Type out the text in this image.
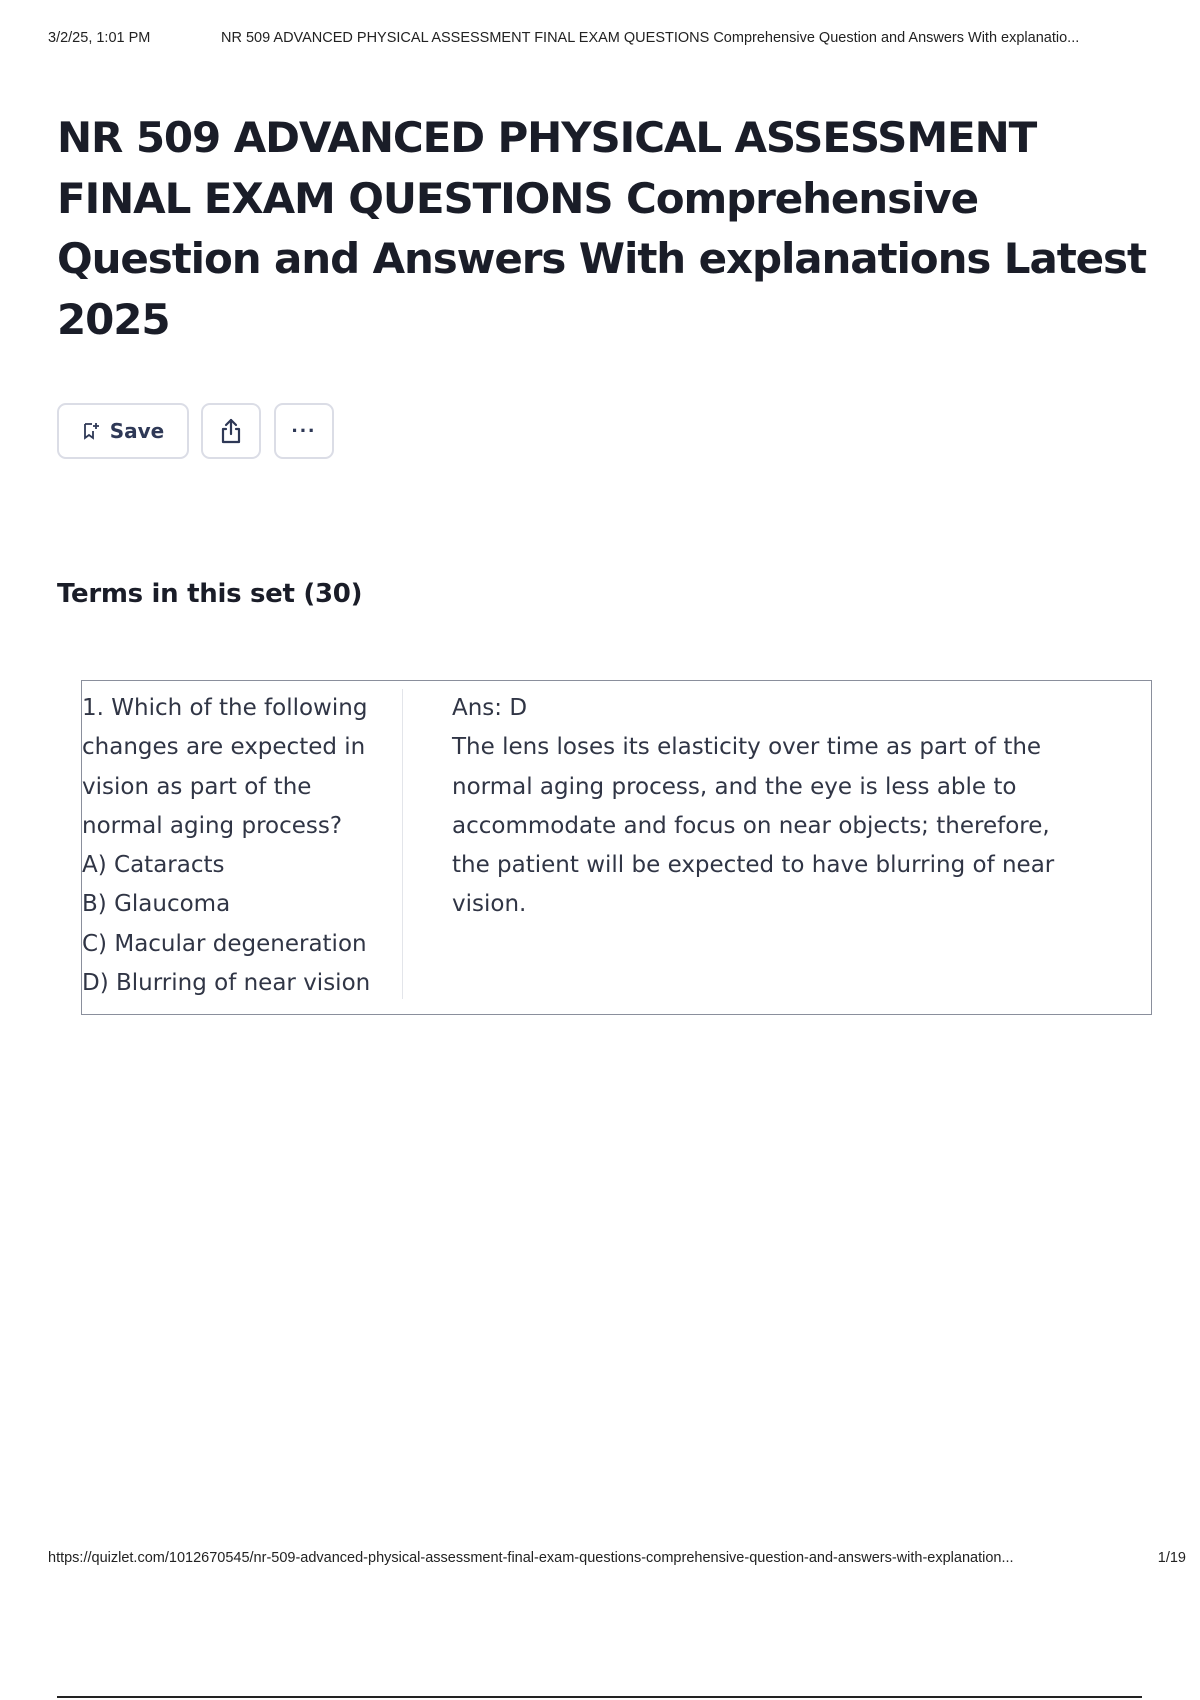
3/2/25, 1:01 PM	NR 509 ADVANCED PHYSICAL ASSESSMENT FINAL EXAM QUESTIONS Comprehensive Question and Answers With explanatio...
NR 509 ADVANCED PHYSICAL ASSESSMENT
FINAL EXAM QUESTIONS Comprehensive
Question and Answers With explanations Latest
2025
Save	···
Terms in this set (30)
1. Which of the following
changes are expected in
vision as part of the
normal aging process?
A) Cataracts
B) Glaucoma
C) Macular degeneration
D) Blurring of near vision
Ans: D
The lens loses its elasticity over time as part of the
normal aging process, and the eye is less able to
accommodate and focus on near objects; therefore,
the patient will be expected to have blurring of near
vision.
https://quizlet.com/1012670545/nr-509-advanced-physical-assessment-final-exam-questions-comprehensive-question-and-answers-with-explanation...	1/19
